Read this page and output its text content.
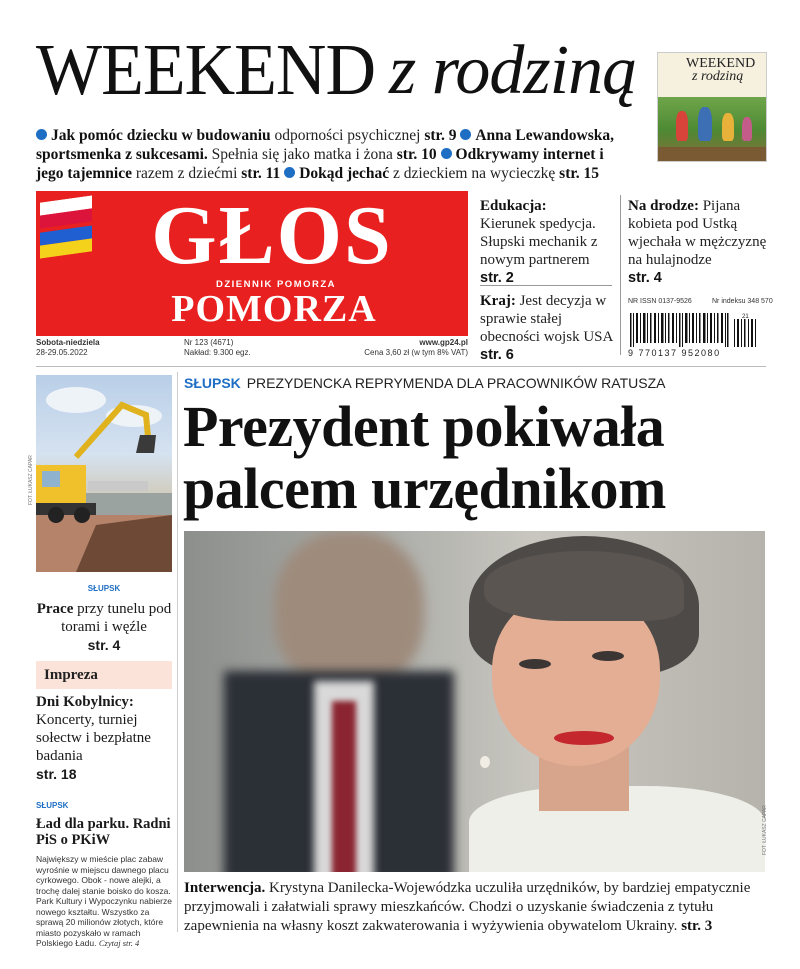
WEEKEND z rodziną
Jak pomóc dziecku w budowaniu odporności psychicznej str. 9 Anna Lewandowska, sportsmenka z sukcesami. Spełnia się jako matka i żona str. 10 Odkrywamy internet i jego tajemnice razem z dziećmi str. 11 Dokąd jechać z dzieckiem na wycieczkę str. 15
WEEKEND
z rodziną
GŁOS
DZIENNIK POMORZA
POMORZA
Sobota-niedziela
28-29.05.2022
Nr 123 (4671)
Nakład: 9.300 egz.
www.gp24.pl
Cena 3,60 zł (w tym 8% VAT)
Edukacja:
Kierunek spedycja. Słupski mechanik z nowym partnerem
str. 2
Kraj: Jest decyzja w sprawie stałej obecności wojsk USA
str. 6
Na drodze: Pijana kobieta pod Ustką wjechała w mężczyznę na hulajnodze
str. 4
NR ISSN 0137-9526	Nr indeksu 348 570
21
9 770137 952080
FOT. ŁUKASZ CAPAR
SŁUPSK
Prace przy tunelu pod torami i węźle
str. 4
Impreza
Dni Kobylnicy:
Koncerty, turniej sołectw i bezpłatne badania
str. 18
SŁUPSK
Ład dla parku. Radni PiS o PKiW
Największy w mieście plac zabaw wyrośnie w miejscu dawnego placu cyrkowego. Obok - nowe alejki, a trochę dalej stanie boisko do kosza. Park Kultury i Wypoczynku nabierze nowego kształtu. Wszystko za sprawą 20 milionów złotych, które miasto pozyskało w ramach Polskiego Ładu. Czytaj str. 4
SŁUPSK PREZYDENCKA REPRYMENDA DLA PRACOWNIKÓW RATUSZA
Prezydent pokiwała palcem urzędnikom
FOT. ŁUKASZ CAPAR
Interwencja. Krystyna Danilecka-Wojewódzka uczuliła urzędników, by bardziej empatycznie przyjmowali i załatwiali sprawy mieszkańców. Chodzi o uzyskanie świadczenia z tytułu zapewnienia na własny koszt zakwaterowania i wyżywienia obywatelom Ukrainy. str. 3
